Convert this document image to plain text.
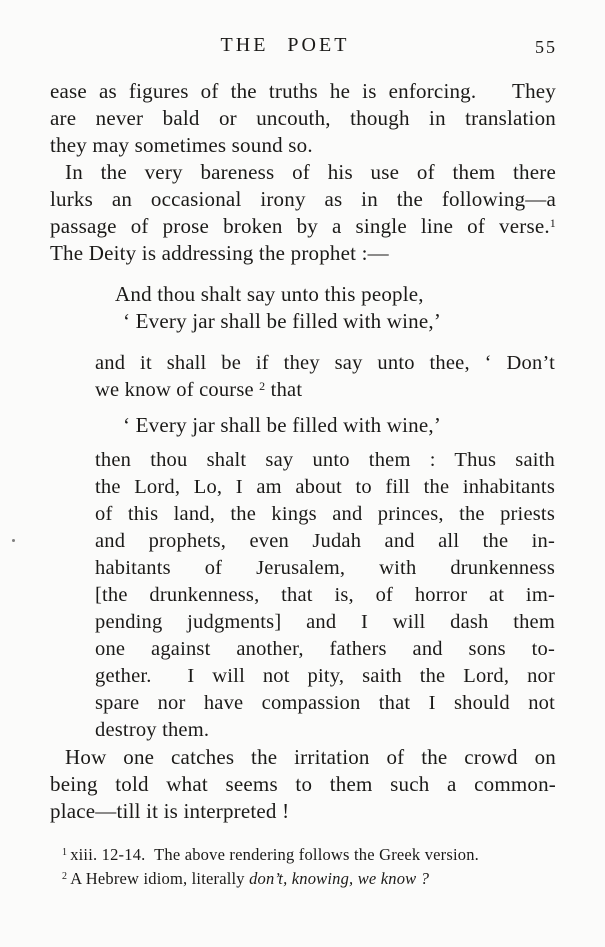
THE POET	55
ease as figures of the truths he is enforcing.   They
are never bald or uncouth, though in translation
they may sometimes sound so.
In the very bareness of his use of them there
lurks an occasional irony as in the following—a
passage of prose broken by a single line of verse.$^1$
The Deity is addressing the prophet :—
And thou shalt say unto this people,
‘ Every jar shall be filled with wine,’
and it shall be if they say unto thee, ‘ Don’t
we know of course $^2$ that
‘ Every jar shall be filled with wine,’
then thou shalt say unto them : Thus saith
the Lord, Lo, I am about to fill the inhabitants
of this land, the kings and princes, the priests
and prophets, even Judah and all the in-
habitants of Jerusalem, with drunkenness
[the drunkenness, that is, of horror at im-
pending judgments] and I will dash them
one against another, fathers and sons to-
gether.  I will not pity, saith the Lord, nor
spare nor have compassion that I should not
destroy them.
How one catches the irritation of the crowd on
being told what seems to them such a common-
place—till it is interpreted !
$^1$ xiii. 12-14.  The above rendering follows the Greek version.
$^2$ A Hebrew idiom, literally don’t, knowing, we know ?
